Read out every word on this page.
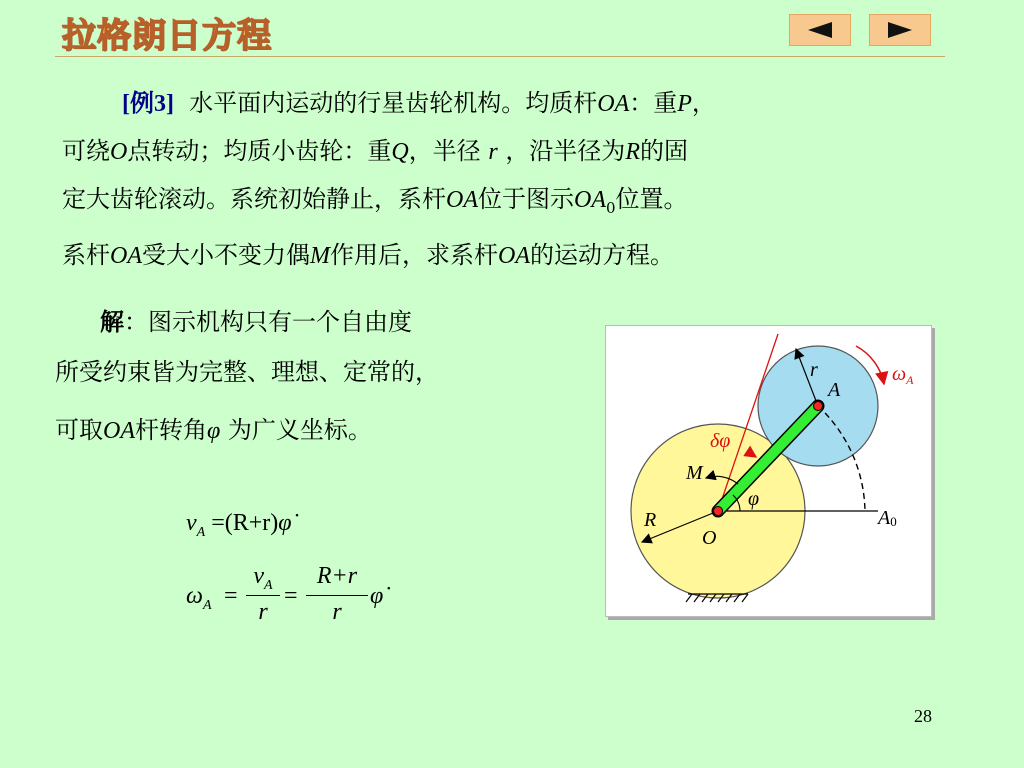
拉格朗日方程

[例3] 水平面内运动的行星齿轮机构。均质杆OA：重P，

可绕O点转动；均质小齿轮：重Q，半径 r ，沿半径为R的固

定大齿轮滚动。系统初始静止，系杆OA位于图示$OA_0$位置。

系杆OA受大小不变力偶M作用后，求系杆OA的运动方程。

解：图示机构只有一个自由度

所受约束皆为完整、理想、定常的，

可取OA杆转角φ 为广义坐标。

$v_A$ =(R+r)φ̇
$\omega_A$ =
$v_A$
r
=
R+r
r
φ̇
r
A
M
φ
R
O
A0
$\omega_A$
δφ
28
